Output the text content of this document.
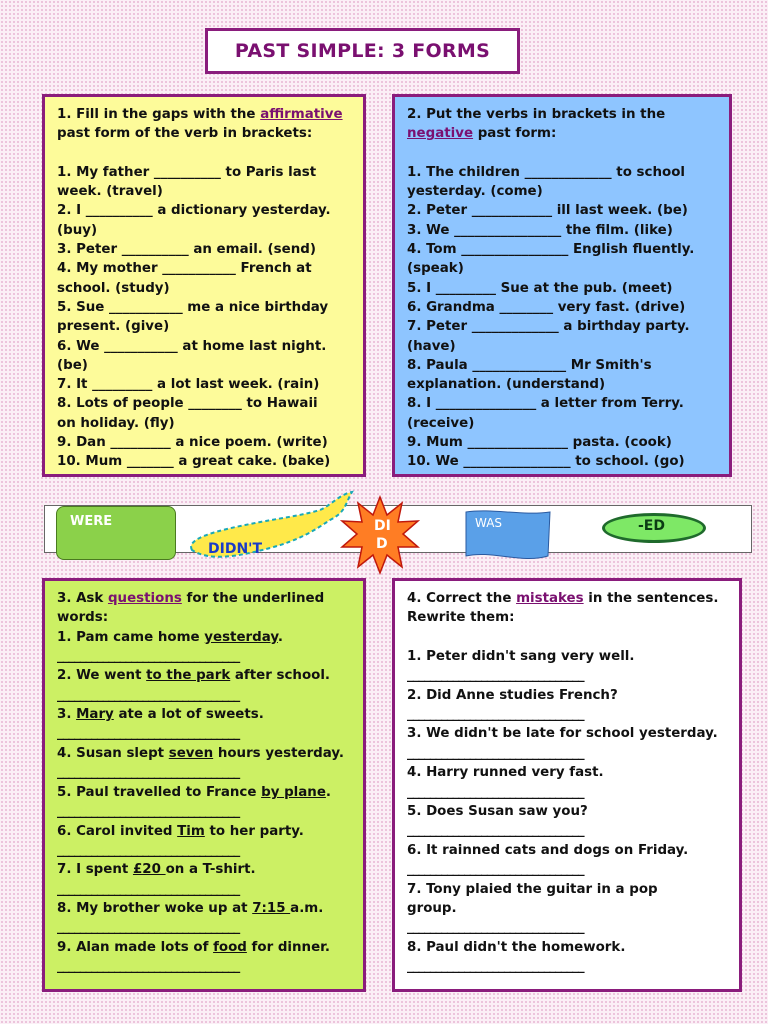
PAST SIMPLE: 3 FORMS
1. Fill in the gaps with the affirmative
past form of the verb in brackets:
1. My father __________ to Paris last
week. (travel)
2. I __________ a dictionary yesterday.
(buy)
3. Peter __________ an email. (send)
4. My mother ___________ French at
school. (study)
5. Sue ___________ me a nice birthday
present. (give)
6. We ___________ at home last night.
(be)
7. It _________ a lot last week. (rain)
8. Lots of people ________ to Hawaii
on holiday. (fly)
9. Dan _________ a nice poem. (write)
10. Mum _______ a great cake. (bake)
2. Put the verbs in brackets in the
negative past form:
1. The children _____________ to school
yesterday. (come)
2. Peter ____________ ill last week. (be)
3. We ________________ the film. (like)
4. Tom ________________ English fluently.
(speak)
5. I _________ Sue at the pub. (meet)
6. Grandma ________ very fast. (drive)
7. Peter _____________ a birthday party.
(have)
8. Paula ______________ Mr Smith's
explanation. (understand)
8. I _______________ a letter from Terry.
(receive)
9. Mum _______________ pasta. (cook)
10. We ________________ to school. (go)
WERE
DIDN'T
DI
D
WAS	-ED
3. Ask questions for the underlined
words:
1. Pam came home yesterday.
________________________________
2. We went to the park after school.
________________________________
3. Mary ate a lot of sweets.
________________________________
4. Susan slept seven hours yesterday.
________________________________
5. Paul travelled to France by plane.
________________________________
6. Carol invited Tim to her party.
________________________________
7. I spent £20 on a T-shirt.
________________________________
8. My brother woke up at 7:15 a.m.
________________________________
9. Alan made lots of food for dinner.
________________________________
4. Correct the mistakes in the sentences.
Rewrite them:
1. Peter didn't sang very well.
_______________________________
2. Did Anne studies French?
_______________________________
3. We didn't be late for school yesterday.
_______________________________
4. Harry runned very fast.
_______________________________
5. Does Susan saw you?
_______________________________
6. It rainned cats and dogs on Friday.
_______________________________
7. Tony plaied the guitar in a pop
group.
_______________________________
8. Paul didn't the homework.
_______________________________
